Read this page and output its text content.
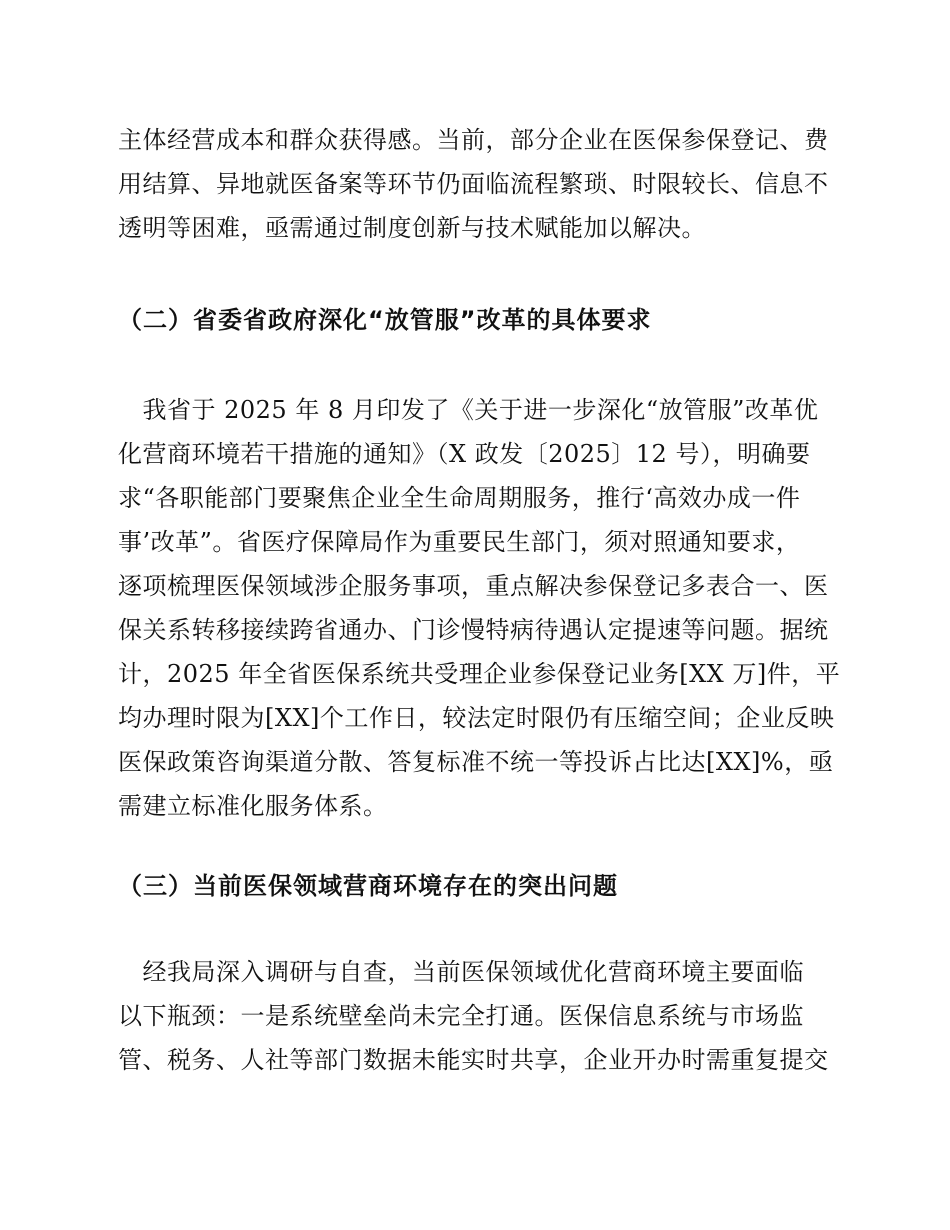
主体经营成本和群众获得感。当前，部分企业在医保参保登记、费
用结算、异地就医备案等环节仍面临流程繁琐、时限较长、信息不
透明等困难，亟需通过制度创新与技术赋能加以解决。
（二）省委省政府深化“放管服”改革的具体要求
　我省于 2025 年 8 月印发了《关于进一步深化“放管服”改革优
化营商环境若干措施的通知》（X 政发〔2025〕12 号），明确要
求“各职能部门要聚焦企业全生命周期服务，推行‘高效办成一件
事’改革”。省医疗保障局作为重要民生部门，须对照通知要求，
逐项梳理医保领域涉企服务事项，重点解决参保登记多表合一、医
保关系转移接续跨省通办、门诊慢特病待遇认定提速等问题。据统
计，2025 年全省医保系统共受理企业参保登记业务[XX 万]件，平
均办理时限为[XX]个工作日，较法定时限仍有压缩空间；企业反映
医保政策咨询渠道分散、答复标准不统一等投诉占比达[XX]%，亟
需建立标准化服务体系。
（三）当前医保领域营商环境存在的突出问题
　经我局深入调研与自查，当前医保领域优化营商环境主要面临
以下瓶颈：一是系统壁垒尚未完全打通。医保信息系统与市场监
管、税务、人社等部门数据未能实时共享，企业开办时需重复提交
